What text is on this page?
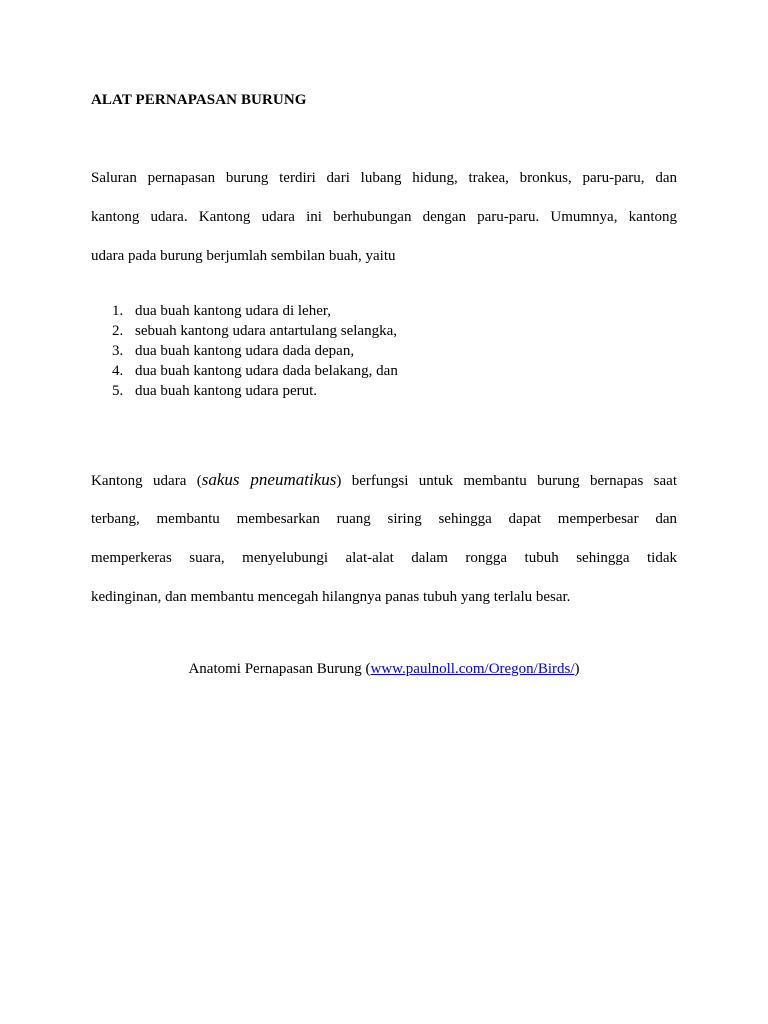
ALAT PERNAPASAN BURUNG
Saluran pernapasan burung terdiri dari lubang hidung, trakea, bronkus, paru-paru, dan
kantong udara. Kantong udara ini berhubungan dengan paru-paru. Umumnya, kantong
udara pada burung berjumlah sembilan buah, yaitu
1. dua buah kantong udara di leher,
2. sebuah kantong udara antartulang selangka,
3. dua buah kantong udara dada depan,
4. dua buah kantong udara dada belakang, dan
5. dua buah kantong udara perut.
Kantong udara (sakus pneumatikus) berfungsi untuk membantu burung bernapas saat
terbang, membantu membesarkan ruang siring sehingga dapat memperbesar dan
memperkeras suara, menyelubungi alat-alat dalam rongga tubuh sehingga tidak
kedinginan, dan membantu mencegah hilangnya panas tubuh yang terlalu besar.
Anatomi Pernapasan Burung (www.paulnoll.com/Oregon/Birds/)
